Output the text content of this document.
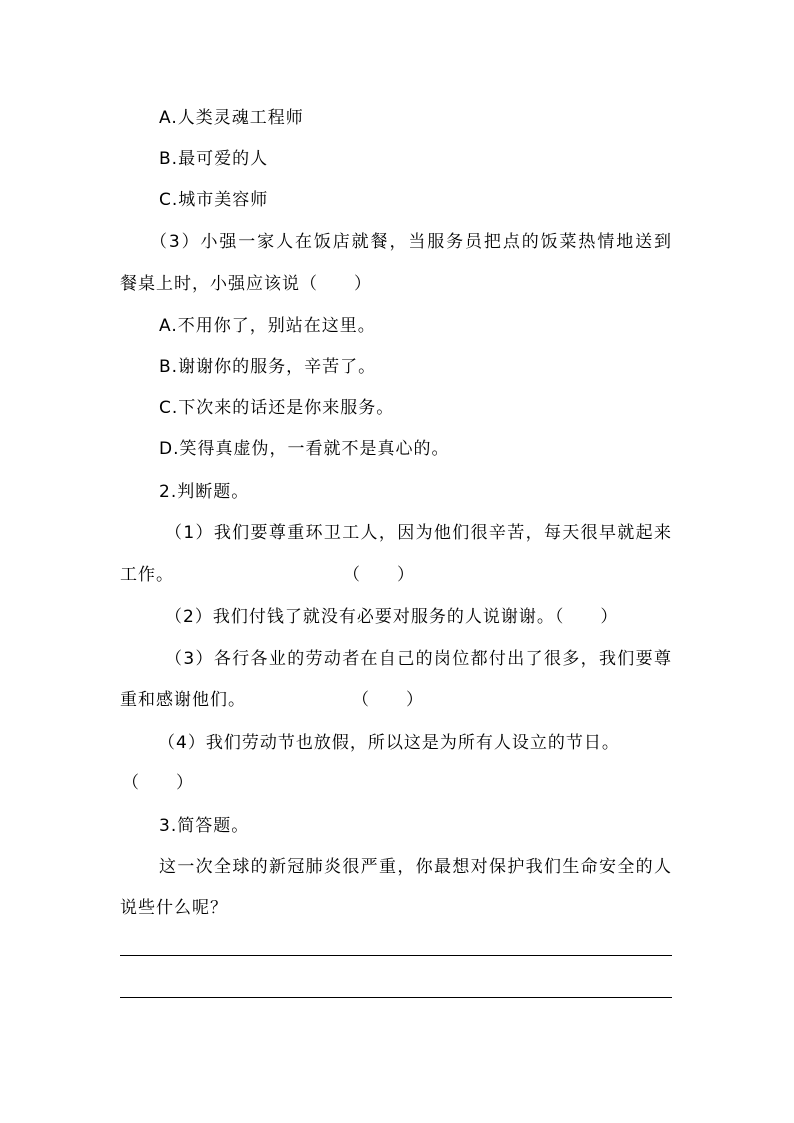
A.人类灵魂工程师
B.最可爱的人
C.城市美容师
（3）小强一家人在饭店就餐，当服务员把点的饭菜热情地送到
餐桌上时，小强应该说（　　）
A.不用你了，别站在这里。
B.谢谢你的服务，辛苦了。
C.下次来的话还是你来服务。
D.笑得真虚伪，一看就不是真心的。
2.判断题。
（1）我们要尊重环卫工人，因为他们很辛苦，每天很早就起来
工作。	（　　）
（2）我们付钱了就没有必要对服务的人说谢谢。（　　）
（3）各行各业的劳动者在自己的岗位都付出了很多，我们要尊
重和感谢他们。	（　　）
（4）我们劳动节也放假，所以这是为所有人设立的节日。
（　　）
3.简答题。
这一次全球的新冠肺炎很严重，你最想对保护我们生命安全的人
说些什么呢？
